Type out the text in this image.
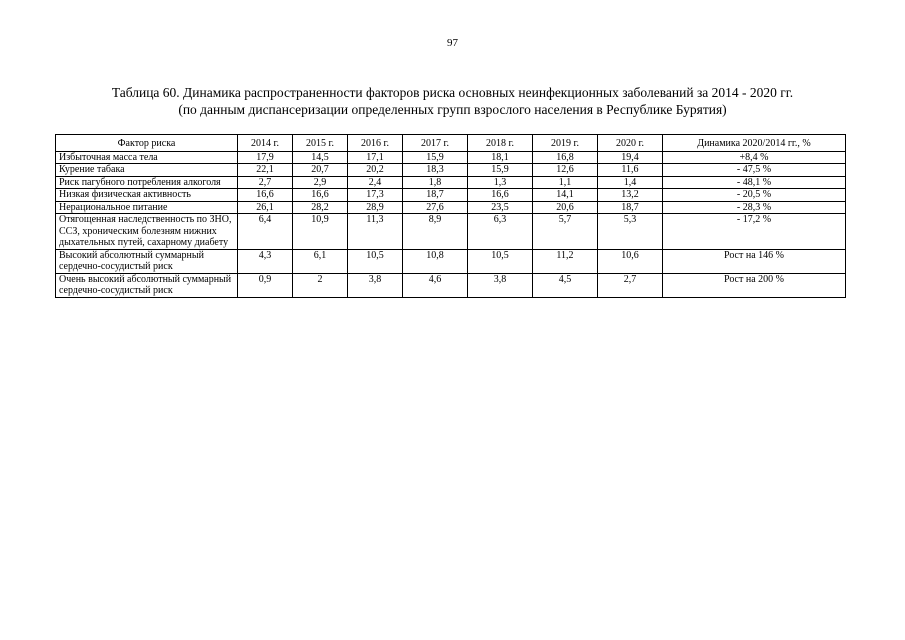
97
Таблица 60. Динамика распространенности факторов риска основных неинфекционных заболеваний за 2014 - 2020 гг.
(по данным диспансеризации определенных групп взрослого населения в Республике Бурятия)
Фактор риска	2014 г.	2015 г.	2016 г.	2017 г.	2018 г.	2019 г.	2020 г.	Динамика 2020/2014 гг., %
Избыточная масса тела	17,9	14,5	17,1	15,9	18,1	16,8	19,4	+8,4 %
Курение табака	22,1	20,7	20,2	18,3	15,9	12,6	11,6	- 47,5 %
Риск пагубного потребления алкоголя	2,7	2,9	2,4	1,8	1,3	1,1	1,4	- 48,1 %
Низкая физическая активность	16,6	16,6	17,3	18,7	16,6	14,1	13,2	- 20,5 %
Нерациональное питание	26,1	28,2	28,9	27,6	23,5	20,6	18,7	- 28,3 %
Отягощенная наследственность по ЗНО, ССЗ, хроническим болезням нижних дыхательных путей, сахарному диабету	6,4	10,9	11,3	8,9	6,3	5,7	5,3	- 17,2 %
Высокий абсолютный суммарный сердечно-сосудистый риск	4,3	6,1	10,5	10,8	10,5	11,2	10,6	Рост на 146 %
Очень высокий абсолютный суммарный сердечно-сосудистый риск	0,9	2	3,8	4,6	3,8	4,5	2,7	Рост на 200 %
